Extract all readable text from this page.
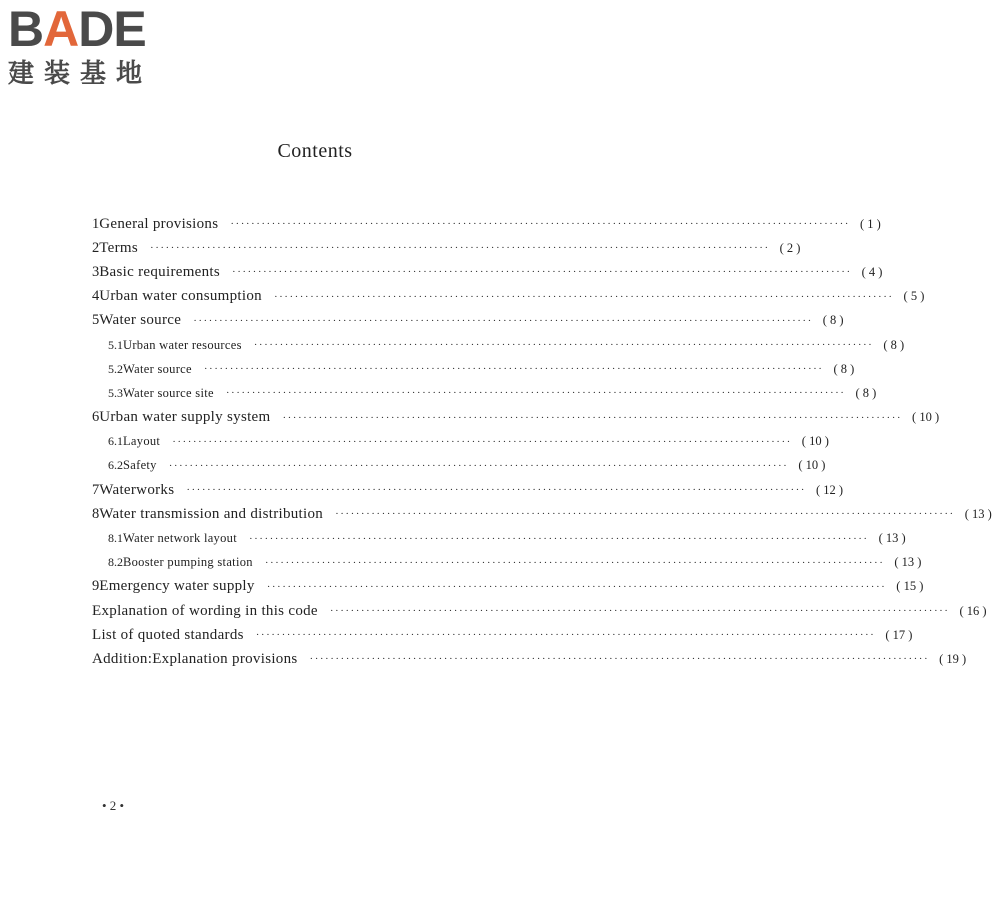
BADE
建装基地
Contents
1 General provisions ························································································································ ( 1 )
2 Terms ························································································································ ( 2 )
3 Basic requirements ························································································································ ( 4 )
4 Urban water consumption ························································································································ ( 5 )
5 Water source ························································································································ ( 8 )
5.1 Urban water resources ························································································································ ( 8 )
5.2 Water source ························································································································ ( 8 )
5.3 Water source site ························································································································ ( 8 )
6 Urban water supply system ························································································································ ( 10 )
6.1 Layout ························································································································ ( 10 )
6.2 Safety ························································································································ ( 10 )
7 Waterworks ························································································································ ( 12 )
8 Water transmission and distribution ························································································································ ( 13 )
8.1 Water network layout ························································································································ ( 13 )
8.2 Booster pumping station ························································································································ ( 13 )
9 Emergency water supply ························································································································ ( 15 )
Explanation of wording in this code ························································································································ ( 16 )
List of quoted standards ························································································································ ( 17 )
Addition:Explanation provisions ························································································································ ( 19 )
• 2 •
